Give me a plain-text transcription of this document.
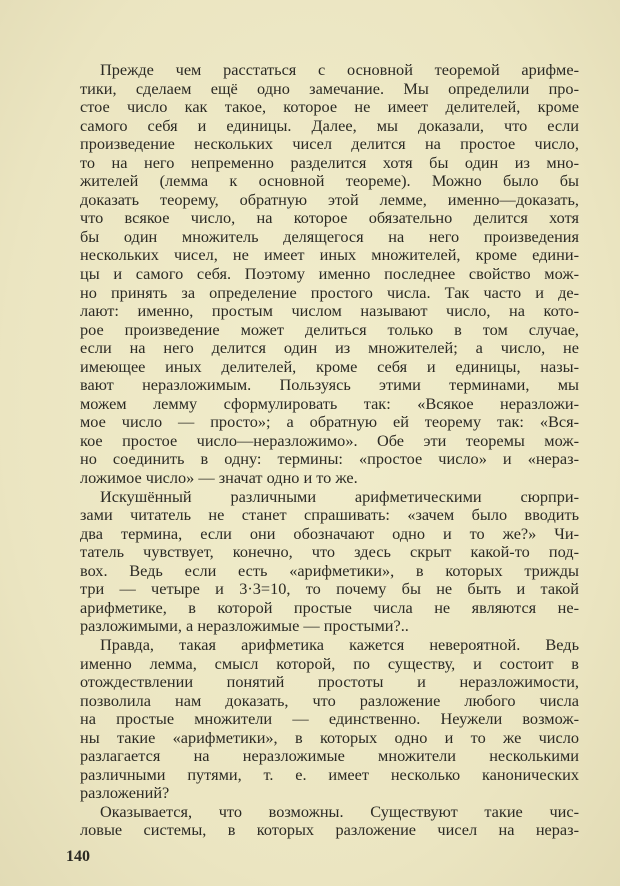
Прежде чем расстаться с основной теоремой арифме-
тики, сделаем ещё одно замечание. Мы определили про-
стое число как такое, которое не имеет делителей, кроме
самого себя и единицы. Далее, мы доказали, что если
произведение нескольких чисел делится на простое число,
то на него непременно разделится хотя бы один из мно-
жителей (лемма к основной теореме). Можно было бы
доказать теорему, обратную этой лемме, именно—доказать,
что всякое число, на которое обязательно делится хотя
бы один множитель делящегося на него произведения
нескольких чисел, не имеет иных множителей, кроме едини-
цы и самого себя. Поэтому именно последнее свойство мож-
но принять за определение простого числа. Так часто и де-
лают: именно, простым числом называют число, на кото-
рое произведение может делиться только в том случае,
если на него делится один из множителей; а число, не
имеющее иных делителей, кроме себя и единицы, назы-
вают неразложимым. Пользуясь этими терминами, мы
можем лемму сформулировать так: «Всякое неразложи-
мое число — просто»; а обратную ей теорему так: «Вся-
кое простое число—неразложимо». Обе эти теоремы мож-
но соединить в одну: термины: «простое число» и «нераз-
ложимое число» — значат одно и то же.
Искушённый различными арифметическими сюрпри-
зами читатель не станет спрашивать: «зачем было вводить
два термина, если они обозначают одно и то же?» Чи-
татель чувствует, конечно, что здесь скрыт какой-то под-
вох. Ведь если есть «арифметики», в которых трижды
три — четыре и 3·3=10, то почему бы не быть и такой
арифметике, в которой простые числа не являются не-
разложимыми, а неразложимые — простыми?..
Правда, такая арифметика кажется невероятной. Ведь
именно лемма, смысл которой, по существу, и состоит в
отождествлении понятий простоты и неразложимости,
позволила нам доказать, что разложение любого числа
на простые множители — единственно. Неужели возмож-
ны такие «арифметики», в которых одно и то же число
разлагается на неразложимые множители несколькими
различными путями, т. е. имеет несколько канонических
разложений?
Оказывается, что возможны. Существуют такие чис-
ловые системы, в которых разложение чисел на нераз-
140
